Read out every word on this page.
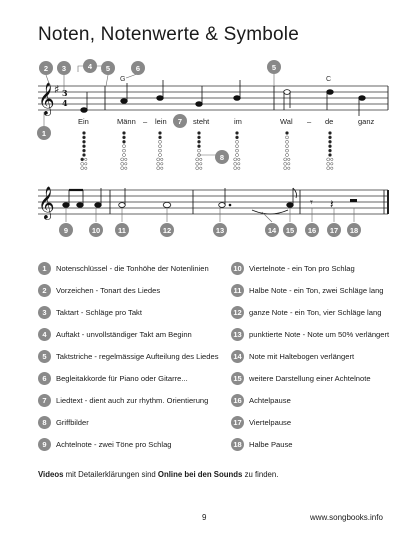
Noten, Notenwerte & Symbole
𝄞 ♯ 3
4
G	C
Ein	Männ – lein	steht	im	Wal – de	ganz
𝄞	𝄾 𝄽
1
2 3	4 5	6
7
8
5
9	10 11	12	13	14 15 16 17 18
1	Notenschlüssel - die Tonhöhe der Notenlinien
2	Vorzeichen - Tonart des Liedes
3	Taktart - Schläge pro Takt
4	Auftakt - unvollständiger Takt am Beginn
5	Taktstriche - regelmässige Aufteilung des Liedes
6	Begleitakkorde für Piano oder Gitarre...
7	Liedtext - dient auch zur rhythm. Orientierung
8	Griffbilder
9	Achtelnote - zwei Töne pro Schlag
10 Viertelnote - ein Ton pro Schlag
11 Halbe Note - ein Ton, zwei Schläge lang
12 ganze Note - ein Ton, vier Schläge lang
13 punktierte Note - Note um 50% verlängert
14 Note mit Haltebogen verlängert
15 weitere Darstellung einer Achtelnote
16 Achtelpause
17 Viertelpause
18 Halbe Pause
Videos mit Detailerklärungen sind Online bei den Sounds zu finden.
9	www.songbooks.info
